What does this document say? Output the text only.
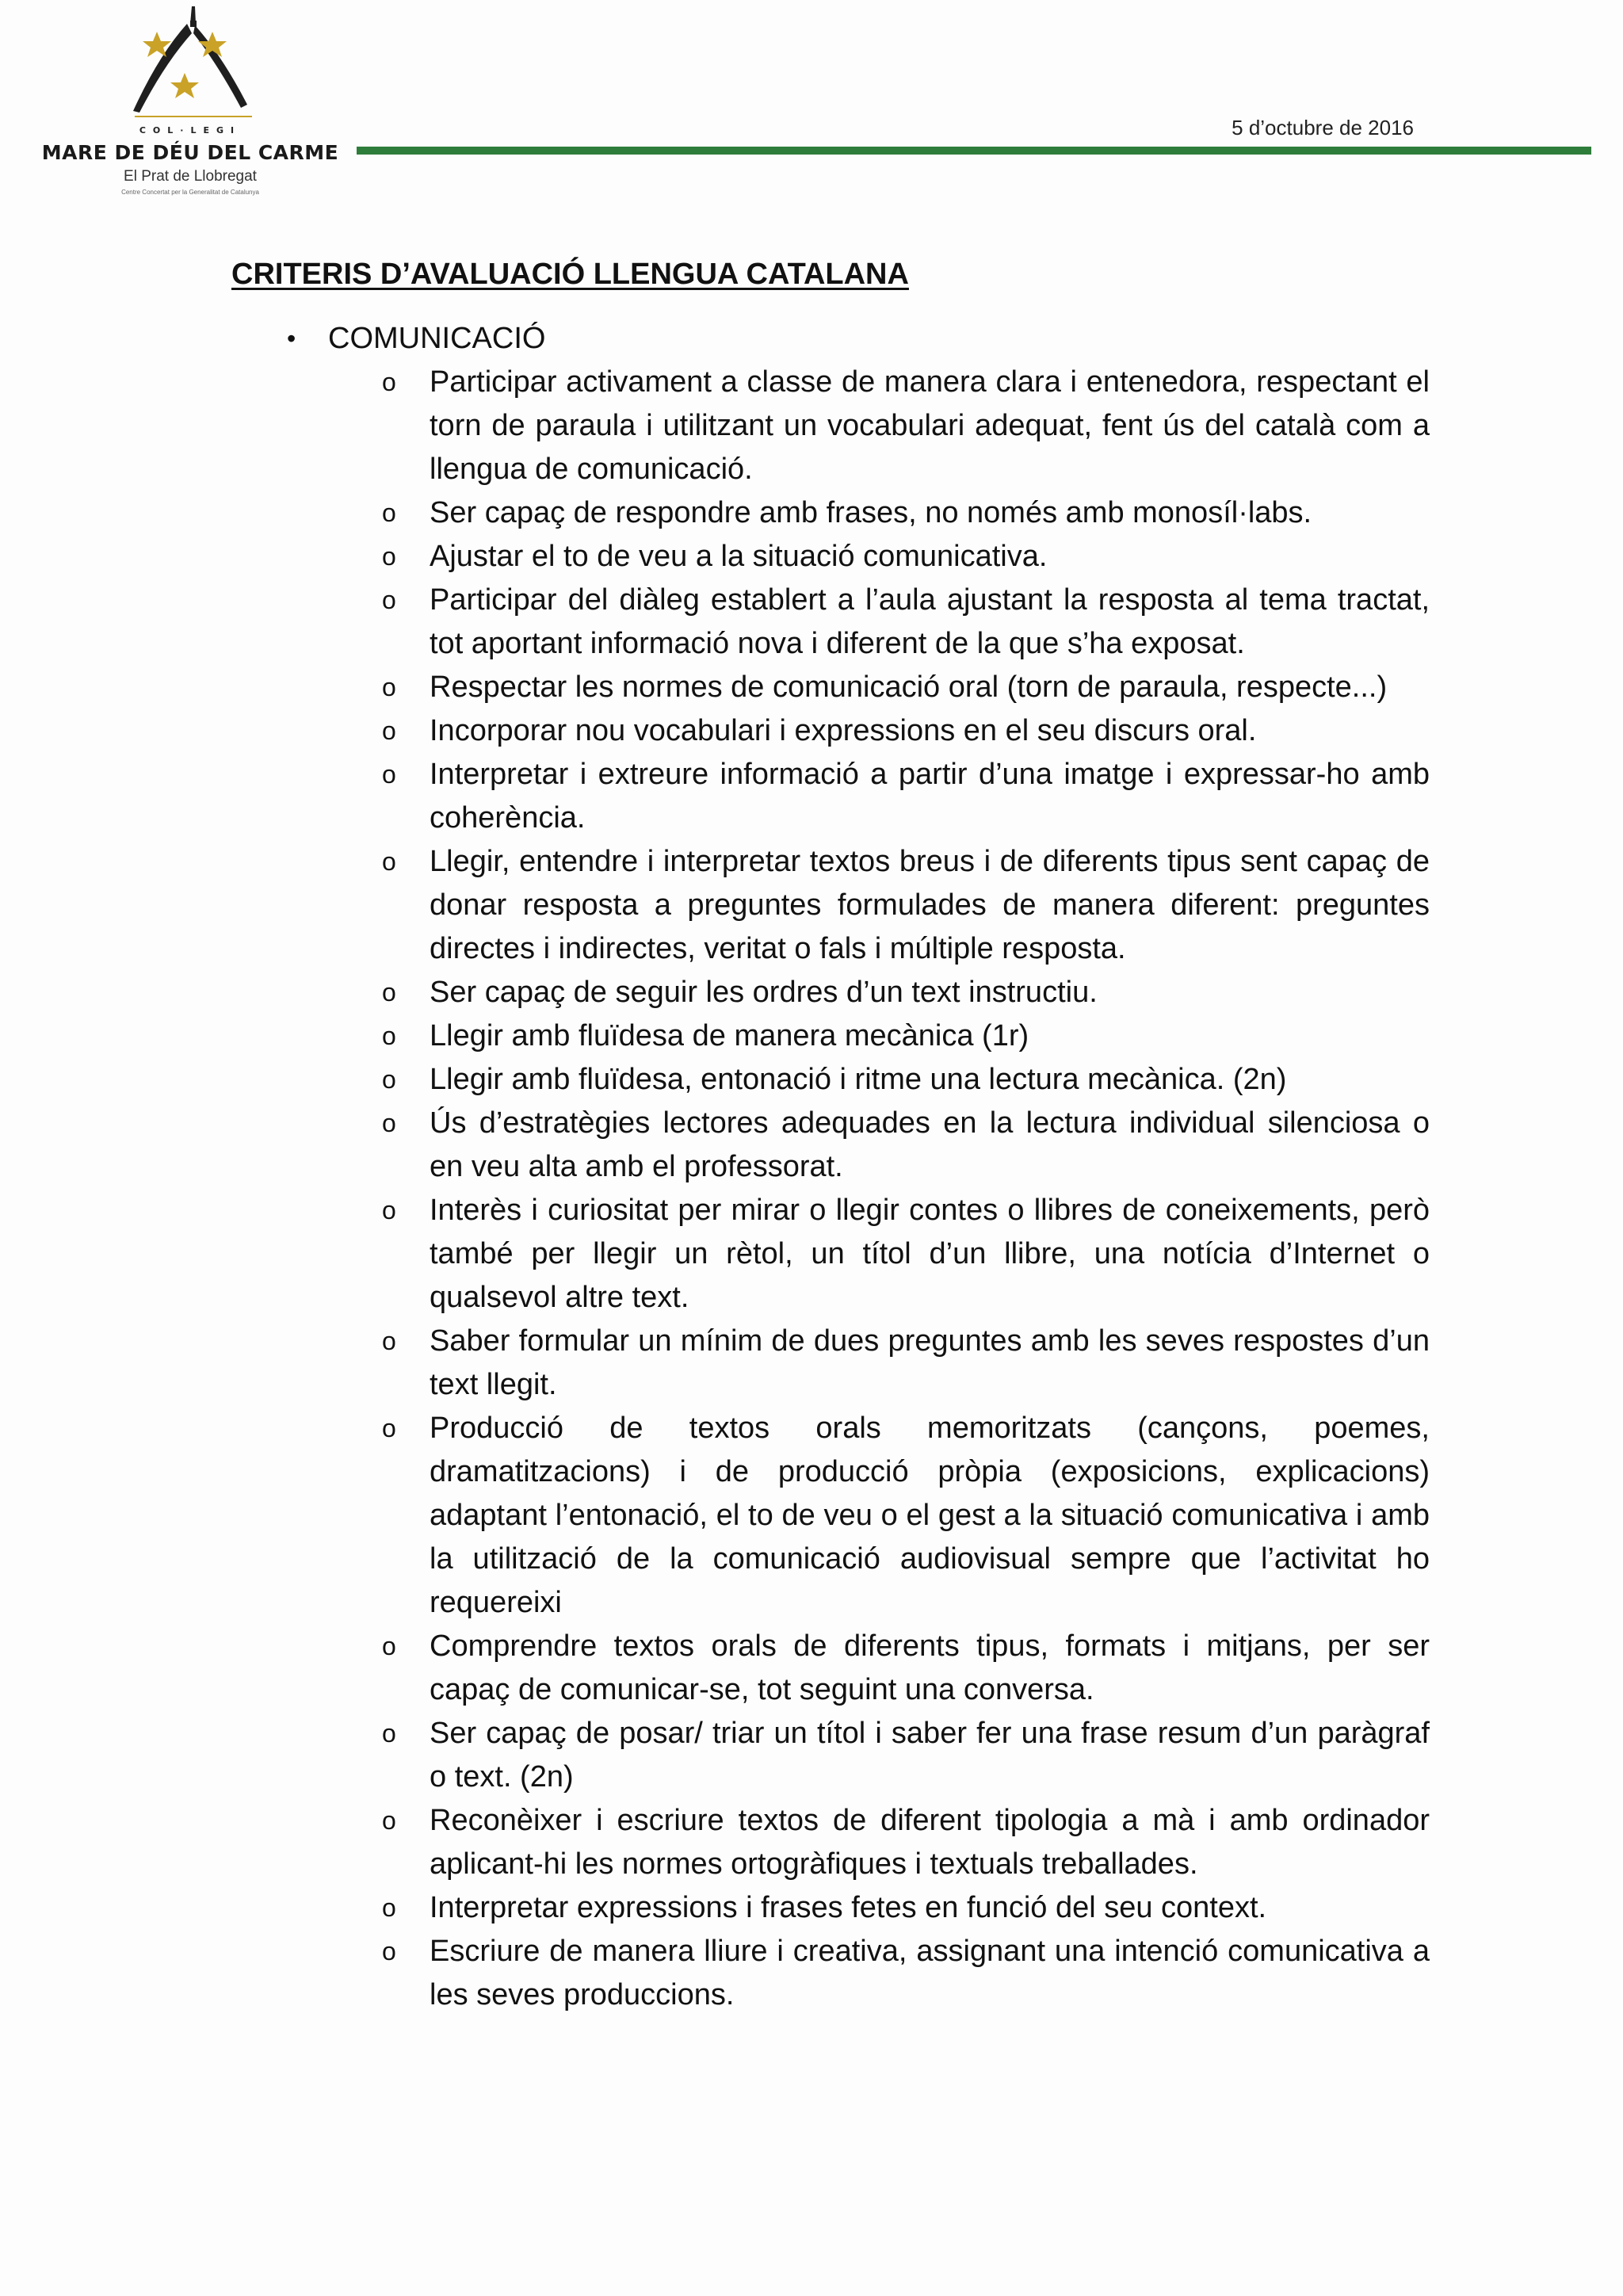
COL·LEGI
MARE DE DÉU DEL CARME
El Prat de Llobregat
Centre Concertat per la Generalitat de Catalunya
5 d’octubre de 2016
CRITERIS D’AVALUACIÓ LLENGUA CATALANA
• COMUNICACIÓ
o Participar activament a classe de manera clara i entenedora, respectant el torn de paraula i utilitzant un vocabulari adequat, fent ús del català com a llengua de comunicació.
o Ser capaç de respondre amb frases, no només amb monosíl·labs.
o Ajustar el to de veu a la situació comunicativa.
o Participar del diàleg establert a l’aula ajustant la resposta al tema tractat, tot aportant informació nova i diferent de la que s’ha exposat.
o Respectar les normes de comunicació oral (torn de paraula, respecte...)
o Incorporar nou vocabulari i expressions en el seu discurs oral.
o Interpretar i extreure informació a partir d’una imatge i expressar-ho amb coherència.
o Llegir, entendre i interpretar textos breus i de diferents tipus sent capaç de donar resposta a preguntes formulades de manera diferent: preguntes directes i indirectes, veritat o fals i múltiple resposta.
o Ser capaç de seguir les ordres d’un text instructiu.
o Llegir amb fluïdesa de manera mecànica (1r)
o Llegir amb fluïdesa, entonació i ritme una lectura mecànica. (2n)
o Ús d’estratègies lectores adequades en la lectura individual silenciosa o en veu alta amb el professorat.
o Interès i curiositat per mirar o llegir contes o llibres de coneixements, però també per llegir un rètol, un títol d’un llibre, una notícia d’Internet o qualsevol altre text.
o Saber formular un mínim de dues preguntes amb les seves respostes d’un text llegit.
o Producció de textos orals memoritzats (cançons, poemes, dramatitzacions) i de producció pròpia (exposicions, explicacions) adaptant l’entonació, el to de veu o el gest a la situació comunicativa i amb la utilització de la comunicació audiovisual sempre que l’activitat ho requereixi
o Comprendre textos orals de diferents tipus, formats i mitjans, per ser capaç de comunicar-se, tot seguint una conversa.
o Ser capaç de posar/ triar un títol i saber fer una frase resum d’un paràgraf o text. (2n)
o Reconèixer i escriure textos de diferent tipologia a mà i amb ordinador aplicant-hi les normes ortogràfiques i textuals treballades.
o Interpretar expressions i frases fetes en funció del seu context.
o Escriure de manera lliure i creativa, assignant una intenció comunicativa a les seves produccions.
